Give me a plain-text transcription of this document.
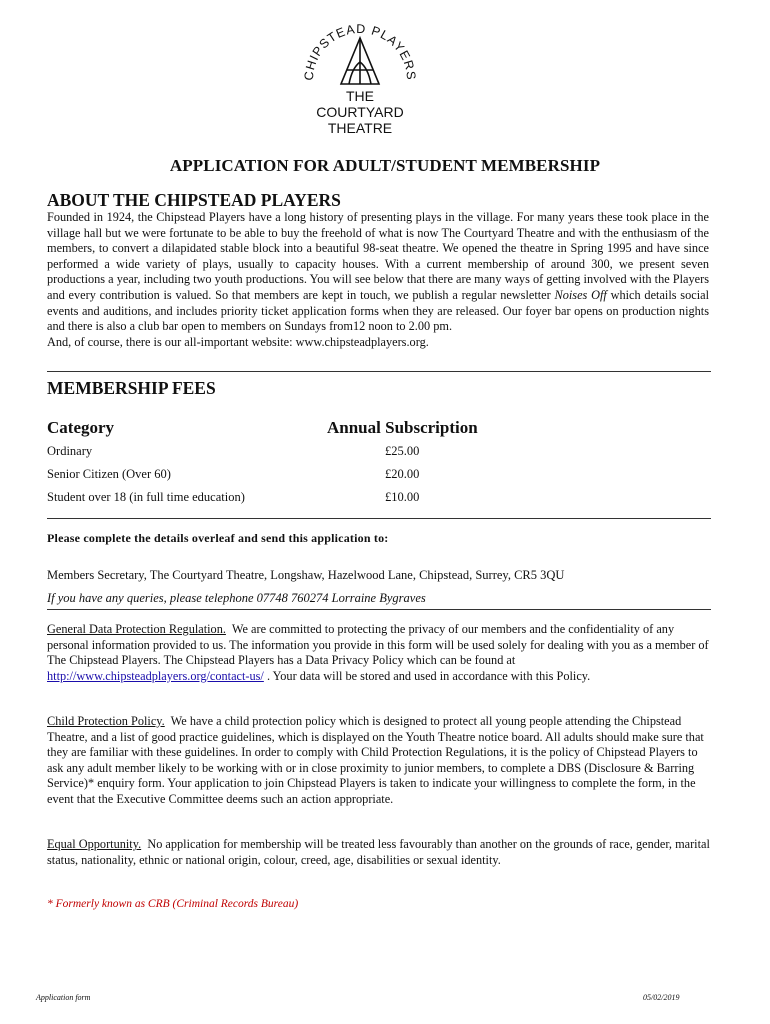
CHIPSTEAD PLAYERS
THE
COURTYARD
THEATRE
APPLICATION FOR ADULT/STUDENT MEMBERSHIP
ABOUT THE CHIPSTEAD PLAYERS
Founded in 1924, the Chipstead Players have a long history of presenting plays in the village. For many years these took place in the village hall but we were fortunate to be able to buy the freehold of what is now The Courtyard Theatre and with the enthusiasm of the members, to convert a dilapidated stable block into a beautiful 98-seat theatre. We opened the theatre in Spring 1995 and have since performed a wide variety of plays, usually to capacity houses. With a current membership of around 300, we present seven productions a year, including two youth productions. You will see below that there are many ways of getting involved with the Players and every contribution is valued. So that members are kept in touch, we publish a regular newsletter Noises Off which details social events and auditions, and includes priority ticket application forms when they are released. Our foyer bar opens on production nights and there is also a club bar open to members on Sundays from12 noon to 2.00 pm.
And, of course, there is our all-important website: www.chipsteadplayers.org.
MEMBERSHIP FEES
Category	Annual Subscription
Ordinary	£25.00
Senior Citizen (Over 60)	£20.00
Student over 18 (in full time education)	£10.00
Please complete the details overleaf and send this application to:
Members Secretary, The Courtyard Theatre, Longshaw, Hazelwood Lane, Chipstead, Surrey, CR5 3QU
If you have any queries, please telephone 07748 760274 Lorraine Bygraves
General Data Protection Regulation. We are committed to protecting the privacy of our members and the confidentiality of any personal information provided to us. The information you provide in this form will be used solely for dealing with you as a member of The Chipstead Players. The Chipstead Players has a Data Privacy Policy which can be found at http://www.chipsteadplayers.org/contact-us/ . Your data will be stored and used in accordance with this Policy.
Child Protection Policy. We have a child protection policy which is designed to protect all young people attending the Chipstead Theatre, and a list of good practice guidelines, which is displayed on the Youth Theatre notice board. All adults should make sure that they are familiar with these guidelines. In order to comply with Child Protection Regulations, it is the policy of Chipstead Players to ask any adult member likely to be working with or in close proximity to junior members, to complete a DBS (Disclosure & Barring Service)* enquiry form. Your application to join Chipstead Players is taken to indicate your willingness to complete the form, in the event that the Executive Committee deems such an action appropriate.
Equal Opportunity. No application for membership will be treated less favourably than another on the grounds of race, gender, marital status, nationality, ethnic or national origin, colour, creed, age, disabilities or sexual identity.
* Formerly known as CRB (Criminal Records Bureau)
Application form	05/02/2019
